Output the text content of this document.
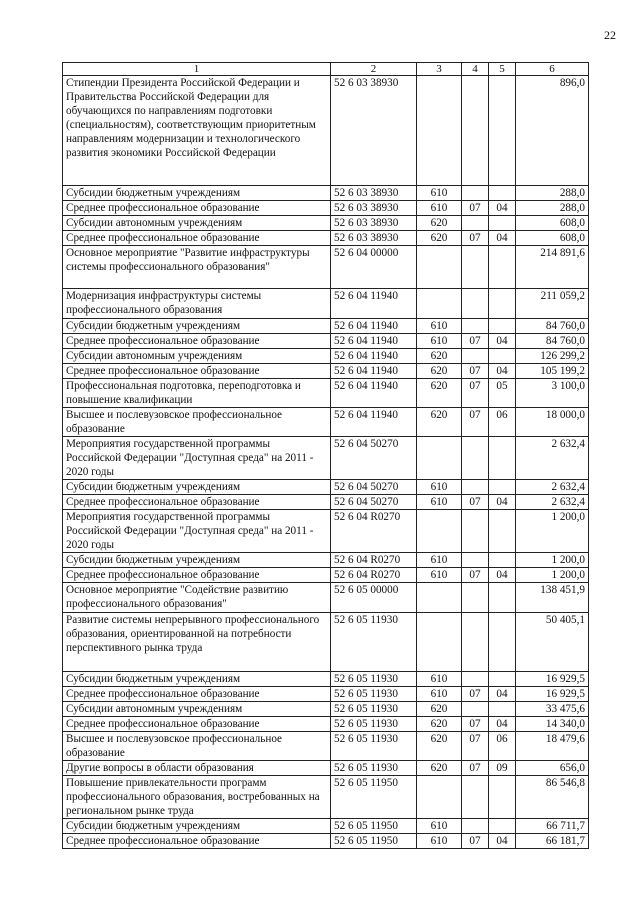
22
1	2	3	4	5	6
Стипендии Президента Российской Федерации и Правительства Российской Федерации для обучающихся по направлениям подготовки (специальностям), соответствующим приоритетным направлениям модернизации и технологического развития экономики Российской Федерации	52 6 03 38930				896,0
Субсидии бюджетным учреждениям	52 6 03 38930	610			288,0
Среднее профессиональное образование	52 6 03 38930	610	07	04	288,0
Субсидии автономным учреждениям	52 6 03 38930	620			608,0
Среднее профессиональное образование	52 6 03 38930	620	07	04	608,0
Основное мероприятие "Развитие инфраструктуры системы профессионального образования"	52 6 04 00000				214 891,6
Модернизация инфраструктуры системы профессионального образования	52 6 04 11940				211 059,2
Субсидии бюджетным учреждениям	52 6 04 11940	610			84 760,0
Среднее профессиональное образование	52 6 04 11940	610	07	04	84 760,0
Субсидии автономным учреждениям	52 6 04 11940	620			126 299,2
Среднее профессиональное образование	52 6 04 11940	620	07	04	105 199,2
Профессиональная подготовка, переподготовка и повышение квалификации	52 6 04 11940	620	07	05	3 100,0
Высшее и послевузовское профессиональное образование	52 6 04 11940	620	07	06	18 000,0
Мероприятия государственной программы Российской Федерации "Доступная среда" на 2011 - 2020 годы	52 6 04 50270				2 632,4
Субсидии бюджетным учреждениям	52 6 04 50270	610			2 632,4
Среднее профессиональное образование	52 6 04 50270	610	07	04	2 632,4
Мероприятия государственной программы Российской Федерации "Доступная среда" на 2011 - 2020 годы	52 6 04 R0270				1 200,0
Субсидии бюджетным учреждениям	52 6 04 R0270	610			1 200,0
Среднее профессиональное образование	52 6 04 R0270	610	07	04	1 200,0
Основное мероприятие "Содействие развитию профессионального образования"	52 6 05 00000				138 451,9
Развитие системы непрерывного профессионального образования, ориентированной на потребности перспективного рынка труда	52 6 05 11930				50 405,1
Субсидии бюджетным учреждениям	52 6 05 11930	610			16 929,5
Среднее профессиональное образование	52 6 05 11930	610	07	04	16 929,5
Субсидии автономным учреждениям	52 6 05 11930	620			33 475,6
Среднее профессиональное образование	52 6 05 11930	620	07	04	14 340,0
Высшее и послевузовское профессиональное образование	52 6 05 11930	620	07	06	18 479,6
Другие вопросы в области образования	52 6 05 11930	620	07	09	656,0
Повышение привлекательности программ профессионального образования, востребованных на региональном рынке труда	52 6 05 11950				86 546,8
Субсидии бюджетным учреждениям	52 6 05 11950	610			66 711,7
Среднее профессиональное образование	52 6 05 11950	610	07	04	66 181,7
